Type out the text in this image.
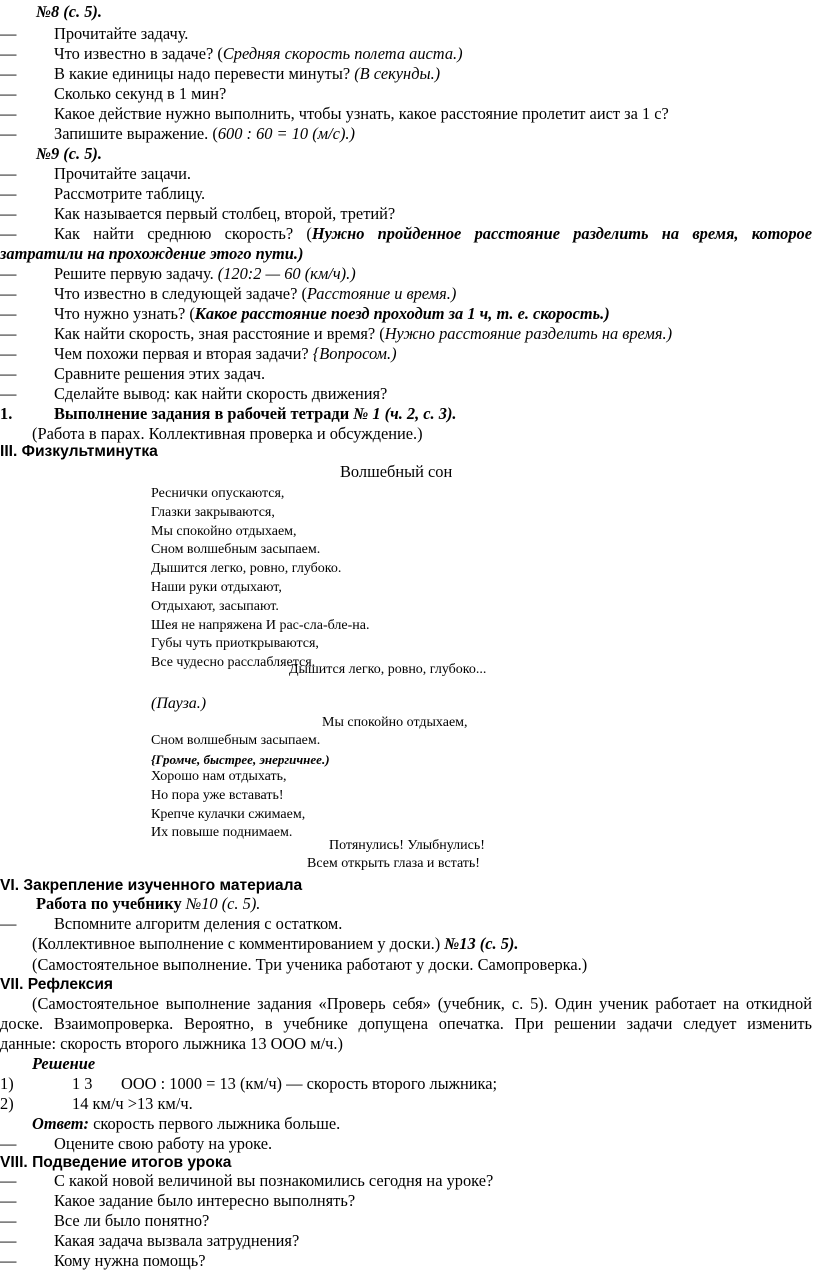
№8 (с. 5).
— Прочитайте задачу.
— Что известно в задаче? (Средняя скорость полета аиста.)
— В какие единицы надо перевести минуты? (В секунды.)
— Сколько секунд в 1 мин?
— Какое действие нужно выполнить, чтобы узнать, какое расстояние пролетит аист за 1 с?
— Запишите выражение. (600 : 60 = 10 (м/с).)
№9 (с. 5).
— Прочитайте зацачи.
— Рассмотрите таблицу.
— Как называется первый столбец, второй, третий?
— Как найти среднюю скорость? (Нужно пройденное расстояние разделить на время, которое
затратили на прохождение этого пути.)
— Решите первую задачу. (120:2 — 60 (км/ч).)
— Что известно в следующей задаче? (Расстояние и время.)
— Что нужно узнать? (Какое расстояние поезд проходит за 1 ч, т. е. скорость.)
— Как найти скорость, зная расстояние и время? (Нужно расстояние разделить на время.)
— Чем похожи первая и вторая задачи? {Вопросом.)
— Сравните решения этих задач.
— Сделайте вывод: как найти скорость движения?
1.	Выполнение задания в рабочей тетради № 1 (ч. 2, с. 3).
(Работа в парах. Коллективная проверка и обсуждение.)
III. Физкультминутка
Волшебный сон
Реснички опускаются,
Глазки закрываются,
Мы спокойно отдыхаем,
Сном волшебным засыпаем.
Дышится легко, ровно, глубоко.
Наши руки отдыхают,
Отдыхают, засыпают.
Шея не напряжена И рас-сла-бле-на.
Губы чуть приоткрываются,
Все чудесно расслабляется.
Дышится легко, ровно, глубоко...
(Пауза.)
Мы спокойно отдыхаем,
Сном волшебным засыпаем.
{Громче, быстрее, энергичнее.)
Хорошо нам отдыхать,
Но пора уже вставать!
Крепче кулачки сжимаем,
Их повыше поднимаем.
Потянулись! Улыбнулись!
Всем открыть глаза и встать!
VI. Закрепление изученного материала
Работа по учебнику №10 (с. 5).
— Вспомните алгоритм деления с остатком.
(Коллективное выполнение с комментированием у доски.) №13 (с. 5).
(Самостоятельное выполнение. Три ученика работают у доски. Самопроверка.)
VII. Рефлексия
(Самостоятельное выполнение задания «Проверь себя» (учебник, с. 5). Один ученик работает на откидной
доске. Взаимопроверка. Вероятно, в учебнике допущена опечатка. При решении задачи следует изменить
данные: скорость второго лыжника 13 ООО м/ч.)
Решение
1)	1 3 ООО : 1000 = 13 (км/ч) — скорость второго лыжника;
2)	14 км/ч >13 км/ч.
Ответ: скорость первого лыжника больше.
— Оцените свою работу на уроке.
VIII. Подведение итогов урока
— С какой новой величиной вы познакомились сегодня на уроке?
— Какое задание было интересно выполнять?
— Все ли было понятно?
— Какая задача вызвала затруднения?
— Кому нужна помощь?
